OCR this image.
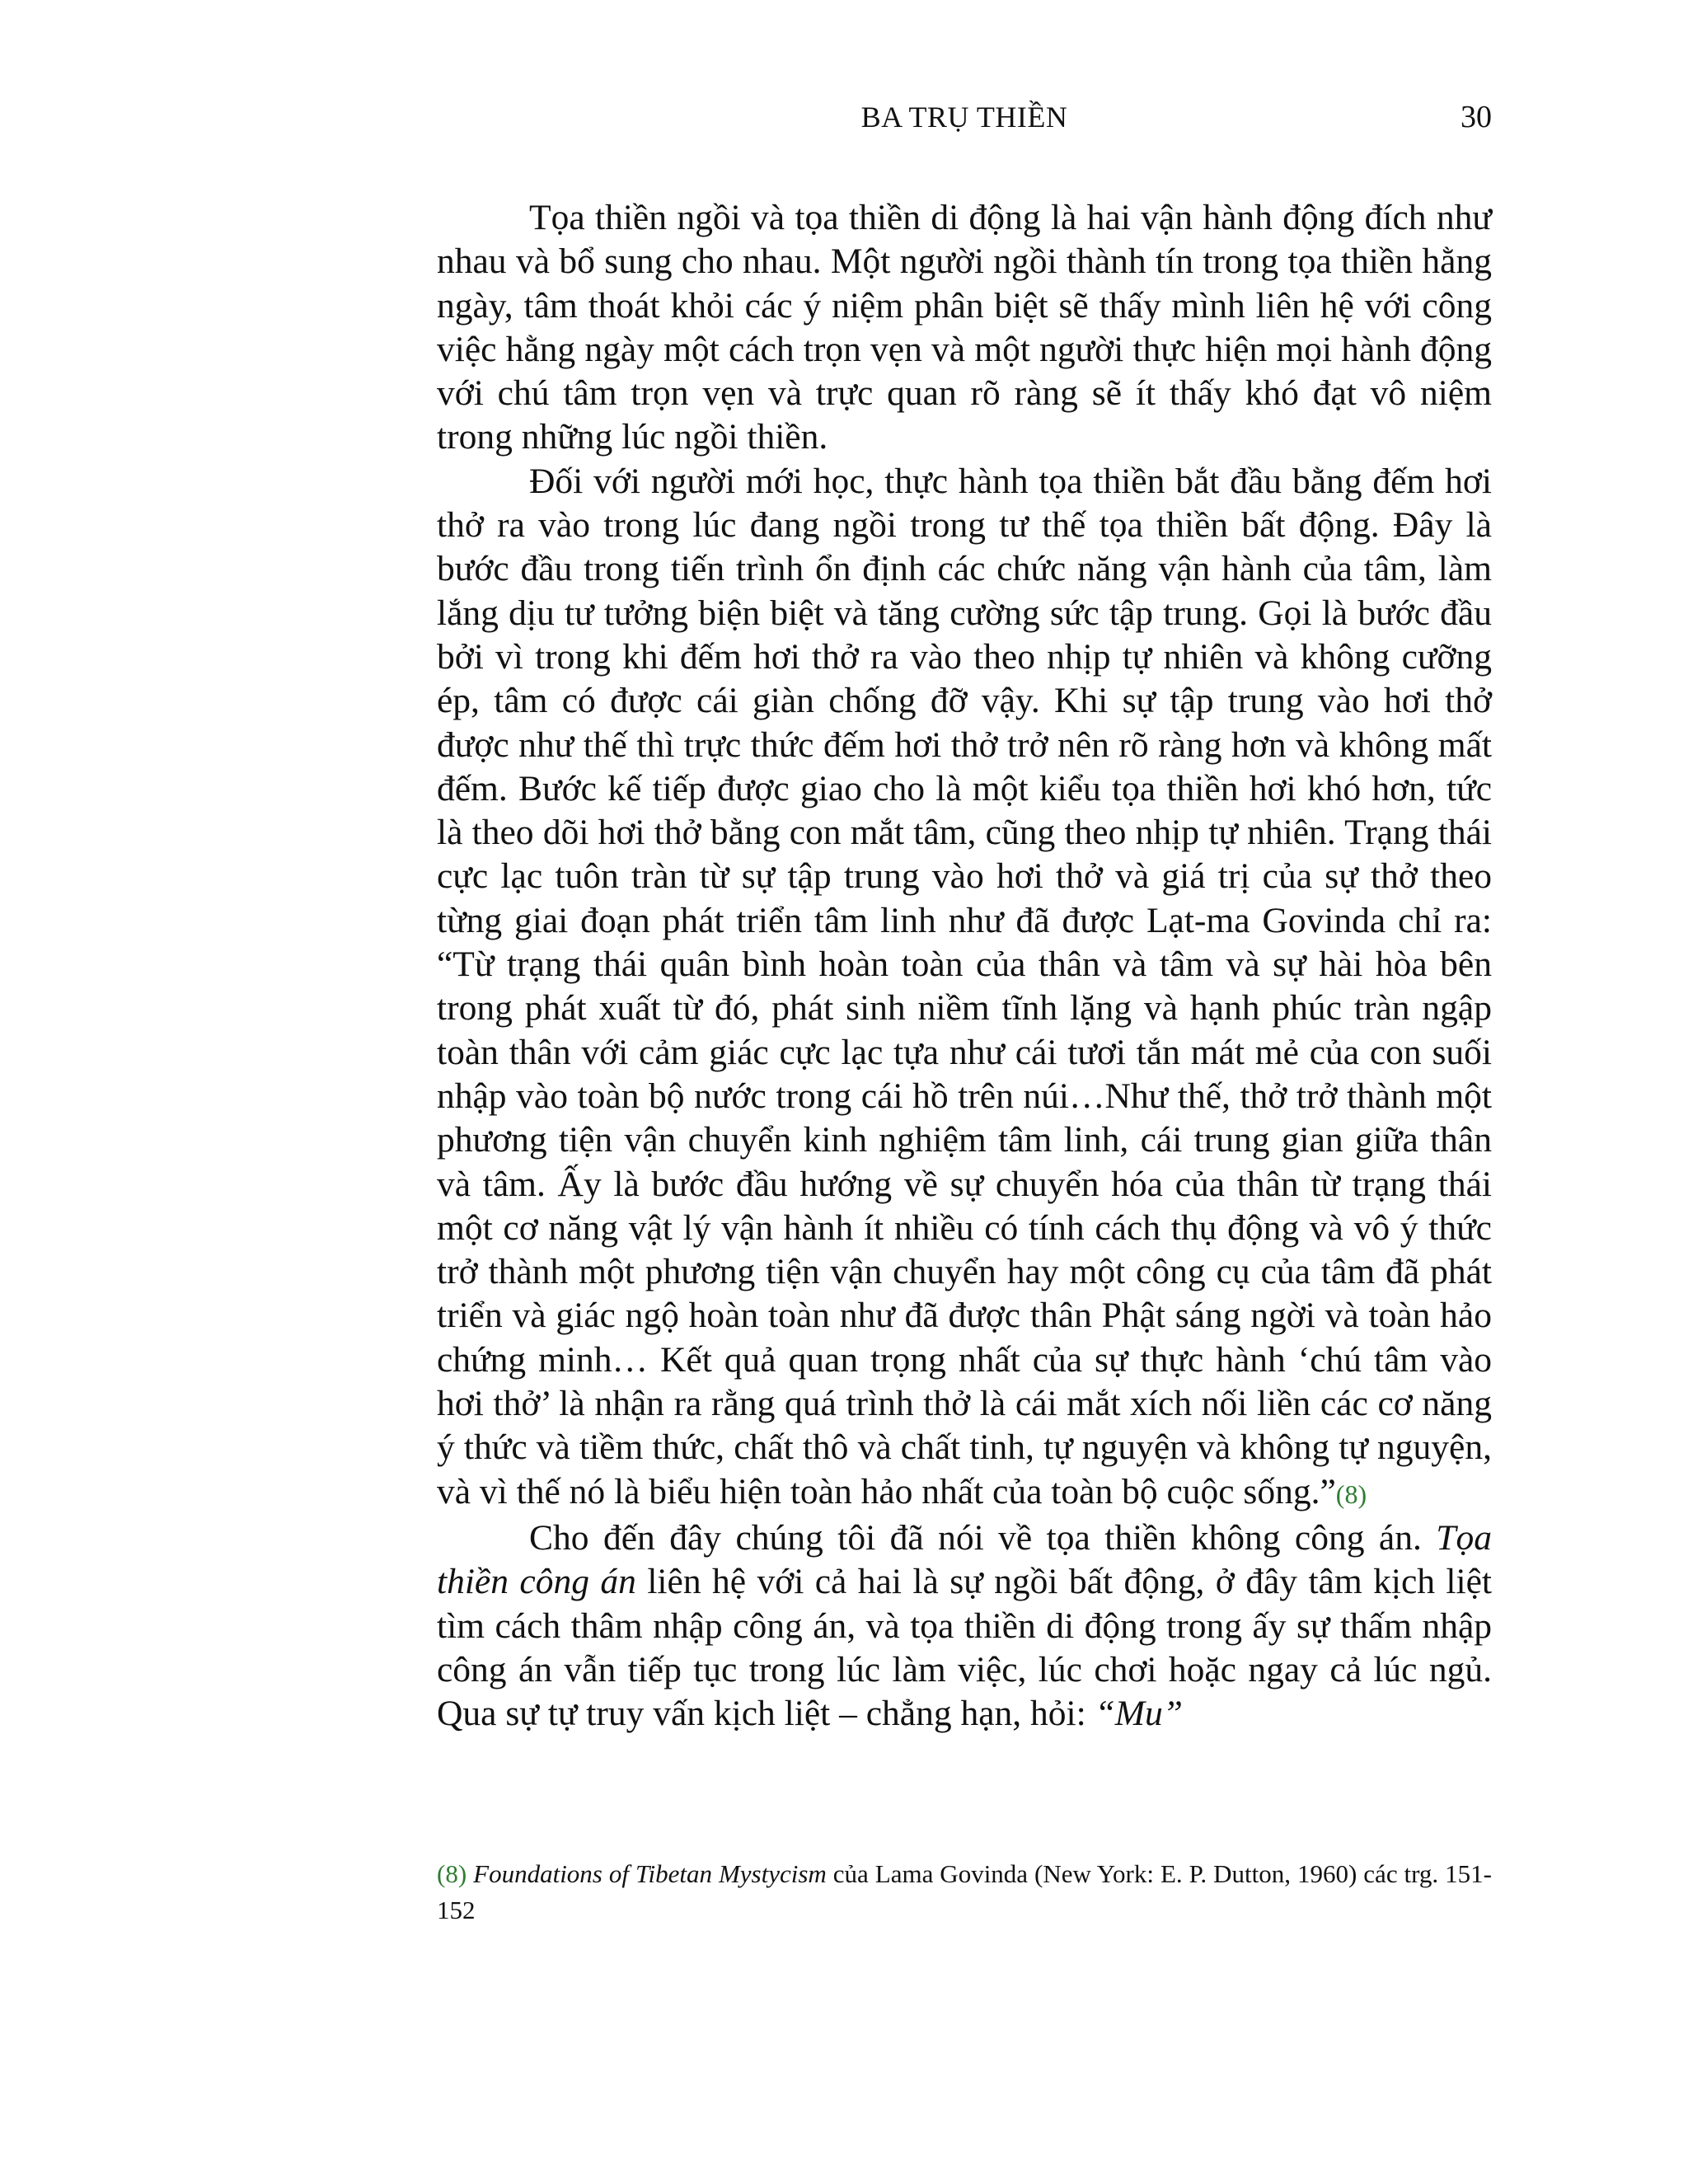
BA TRỤ THIỀN	30

Tọa thiền ngồi và tọa thiền di động là hai vận hành động đích như nhau và bổ sung cho nhau. Một người ngồi thành tín trong tọa thiền hằng ngày, tâm thoát khỏi các ý niệm phân biệt sẽ thấy mình liên hệ với công việc hằng ngày một cách trọn vẹn và một người thực hiện mọi hành động với chú tâm trọn vẹn và trực quan rõ ràng sẽ ít thấy khó đạt vô niệm trong những lúc ngồi thiền.

Đối với người mới học, thực hành tọa thiền bắt đầu bằng đếm hơi thở ra vào trong lúc đang ngồi trong tư thế tọa thiền bất động. Đây là bước đầu trong tiến trình ổn định các chức năng vận hành của tâm, làm lắng dịu tư tưởng biện biệt và tăng cường sức tập trung. Gọi là bước đầu bởi vì trong khi đếm hơi thở ra vào theo nhịp tự nhiên và không cưỡng ép, tâm có được cái giàn chống đỡ vậy. Khi sự tập trung vào hơi thở được như thế thì trực thức đếm hơi thở trở nên rõ ràng hơn và không mất đếm. Bước kế tiếp được giao cho là một kiểu tọa thiền hơi khó hơn, tức là theo dõi hơi thở bằng con mắt tâm, cũng theo nhịp tự nhiên. Trạng thái cực lạc tuôn tràn từ sự tập trung vào hơi thở và giá trị của sự thở theo từng giai đoạn phát triển tâm linh như đã được Lạt-ma Govinda chỉ ra: “Từ trạng thái quân bình hoàn toàn của thân và tâm và sự hài hòa bên trong phát xuất từ đó, phát sinh niềm tĩnh lặng và hạnh phúc tràn ngập toàn thân với cảm giác cực lạc tựa như cái tươi tắn mát mẻ của con suối nhập vào toàn bộ nước trong cái hồ trên núi…Như thế, thở trở thành một phương tiện vận chuyển kinh nghiệm tâm linh, cái trung gian giữa thân và tâm. Ấy là bước đầu hướng về sự chuyển hóa của thân từ trạng thái một cơ năng vật lý vận hành ít nhiều có tính cách thụ động và vô ý thức trở thành một phương tiện vận chuyển hay một công cụ của tâm đã phát triển và giác ngộ hoàn toàn như đã được thân Phật sáng ngời và toàn hảo chứng minh… Kết quả quan trọng nhất của sự thực hành ‘chú tâm vào hơi thở’ là nhận ra rằng quá trình thở là cái mắt xích nối liền các cơ năng ý thức và tiềm thức, chất thô và chất tinh, tự nguyện và không tự nguyện, và vì thế nó là biểu hiện toàn hảo nhất của toàn bộ cuộc sống.”(8)

Cho đến đây chúng tôi đã nói về tọa thiền không công án. Tọa thiền công án liên hệ với cả hai là sự ngồi bất động, ở đây tâm kịch liệt tìm cách thâm nhập công án, và tọa thiền di động trong ấy sự thấm nhập công án vẫn tiếp tục trong lúc làm việc, lúc chơi hoặc ngay cả lúc ngủ. Qua sự tự truy vấn kịch liệt – chẳng hạn, hỏi: “Mu”

(8) Foundations of Tibetan Mystycism của Lama Govinda (New York: E. P. Dutton, 1960) các trg. 151-152
